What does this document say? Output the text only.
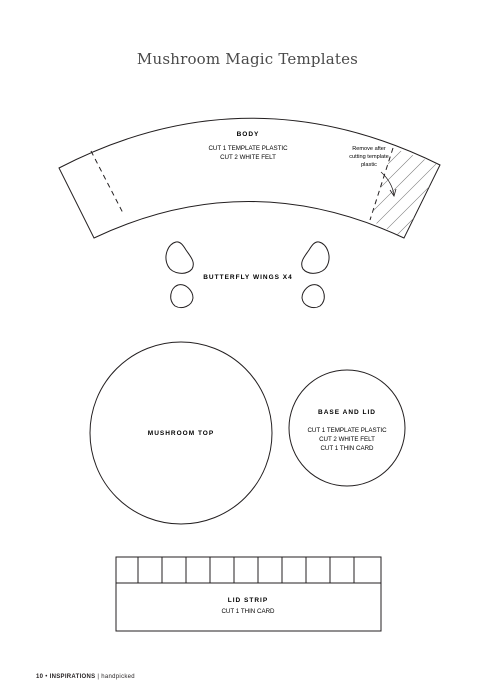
Mushroom Magic Templates
BODY
CUT 1 TEMPLATE PLASTIC
CUT 2 WHITE FELT
Remove after
cutting template
plastic
BUTTERFLY WINGS X4
MUSHROOM TOP
BASE AND LID
CUT 1 TEMPLATE PLASTIC
CUT 2 WHITE FELT
CUT 1 THIN CARD
LID STRIP
CUT 1 THIN CARD
10 • INSPIRATIONS | handpicked
